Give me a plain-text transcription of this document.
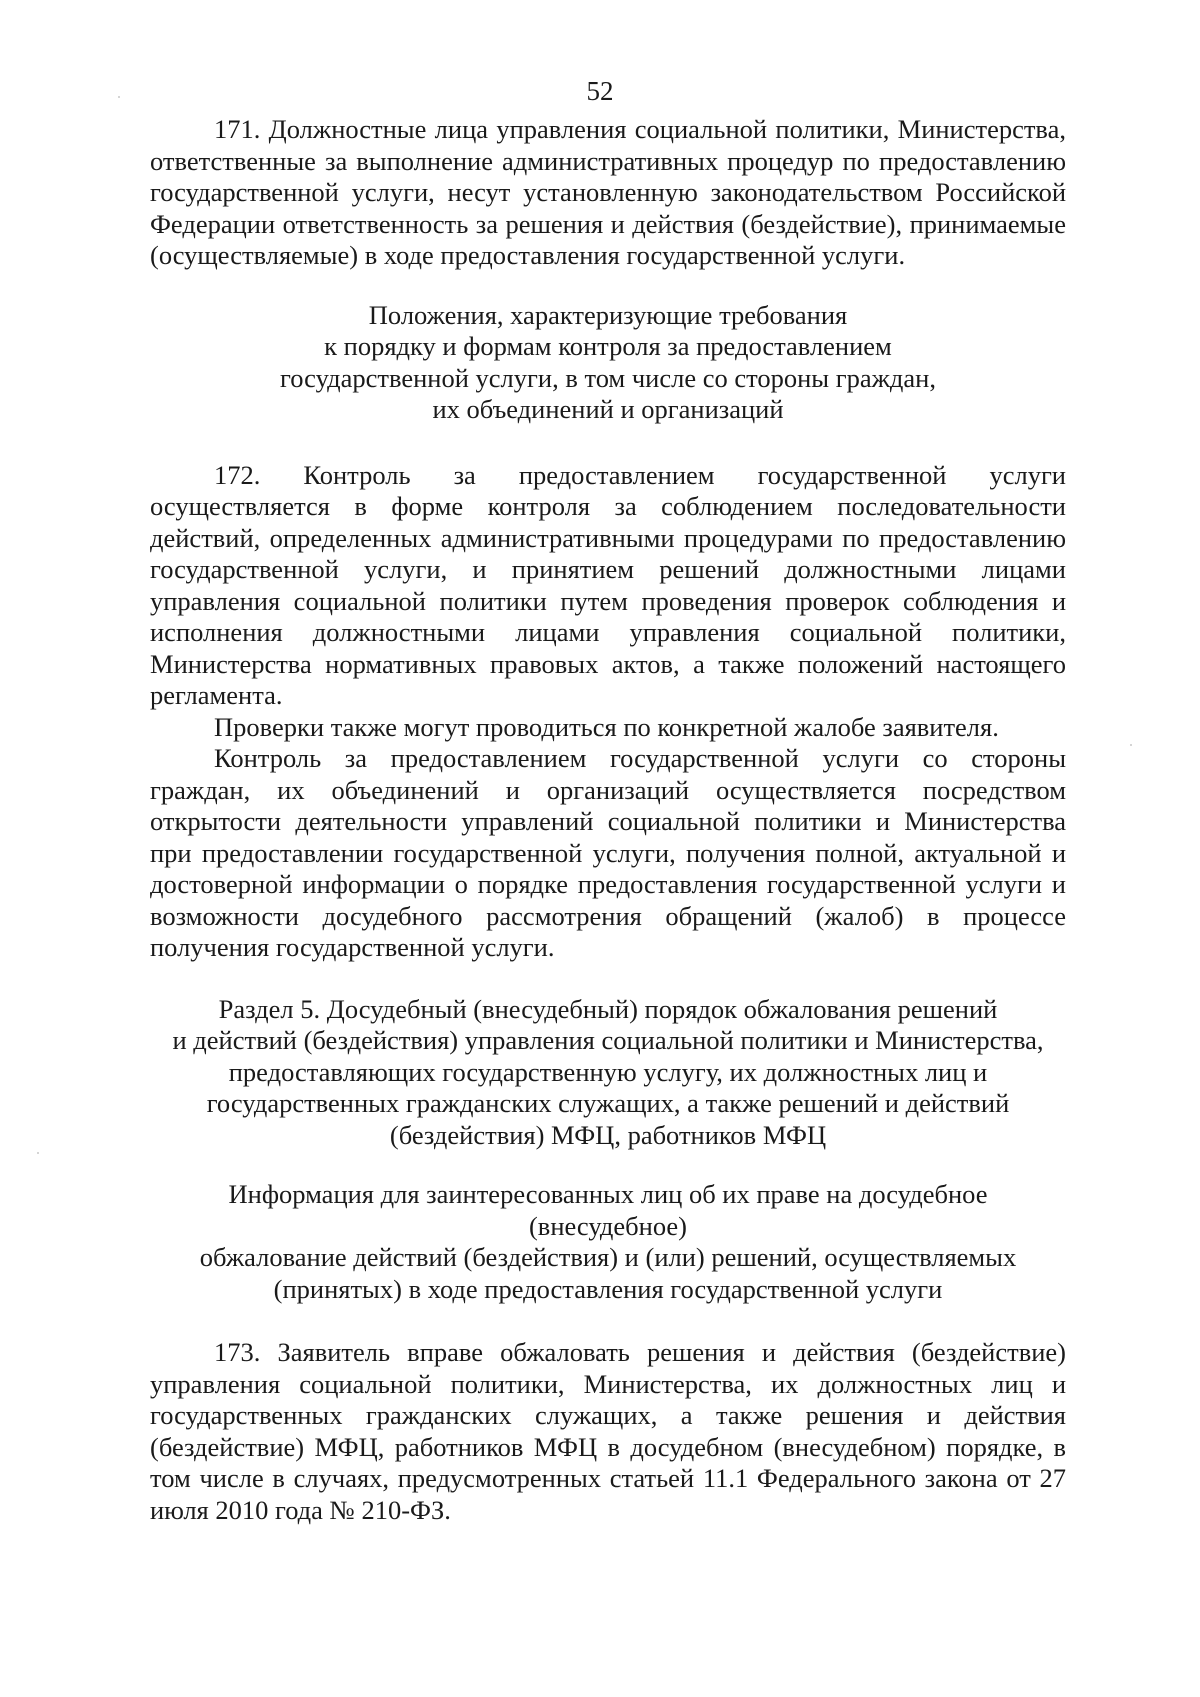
52

171. Должностные лица управления социальной политики, Министерства, ответственные за выполнение административных процедур по предоставлению государственной услуги, несут установленную законодательством Российской Федерации ответственность за решения и действия (бездействие), принимаемые (осуществляемые) в ходе предоставления государственной услуги.

Положения, характеризующие требования
к порядку и формам контроля за предоставлением
государственной услуги, в том числе со стороны граждан,
их объединений и организаций

172. Контроль за предоставлением государственной услуги осуществляется в форме контроля за соблюдением последовательности действий, определенных административными процедурами по предоставлению государственной услуги, и принятием решений должностными лицами управления социальной политики путем проведения проверок соблюдения и исполнения должностными лицами управления социальной политики, Министерства нормативных правовых актов, а также положений настоящего регламента.

Проверки также могут проводиться по конкретной жалобе заявителя.

Контроль за предоставлением государственной услуги со стороны граждан, их объединений и организаций осуществляется посредством открытости деятельности управлений социальной политики и Министерства при предоставлении государственной услуги, получения полной, актуальной и достоверной информации о порядке предоставления государственной услуги и возможности досудебного рассмотрения обращений (жалоб) в процессе получения государственной услуги.

Раздел 5. Досудебный (внесудебный) порядок обжалования решений
и действий (бездействия) управления социальной политики и Министерства,
предоставляющих государственную услугу, их должностных лиц и
государственных гражданских служащих, а также решений и действий
(бездействия) МФЦ, работников МФЦ

Информация для заинтересованных лиц об их праве на досудебное (внесудебное)
обжалование действий (бездействия) и (или) решений, осуществляемых
(принятых) в ходе предоставления государственной услуги

173. Заявитель вправе обжаловать решения и действия (бездействие) управления социальной политики, Министерства, их должностных лиц и государственных гражданских служащих, а также решения и действия (бездействие) МФЦ, работников МФЦ в досудебном (внесудебном) порядке, в том числе в случаях, предусмотренных статьей 11.1 Федерального закона от 27 июля 2010 года № 210-ФЗ.
